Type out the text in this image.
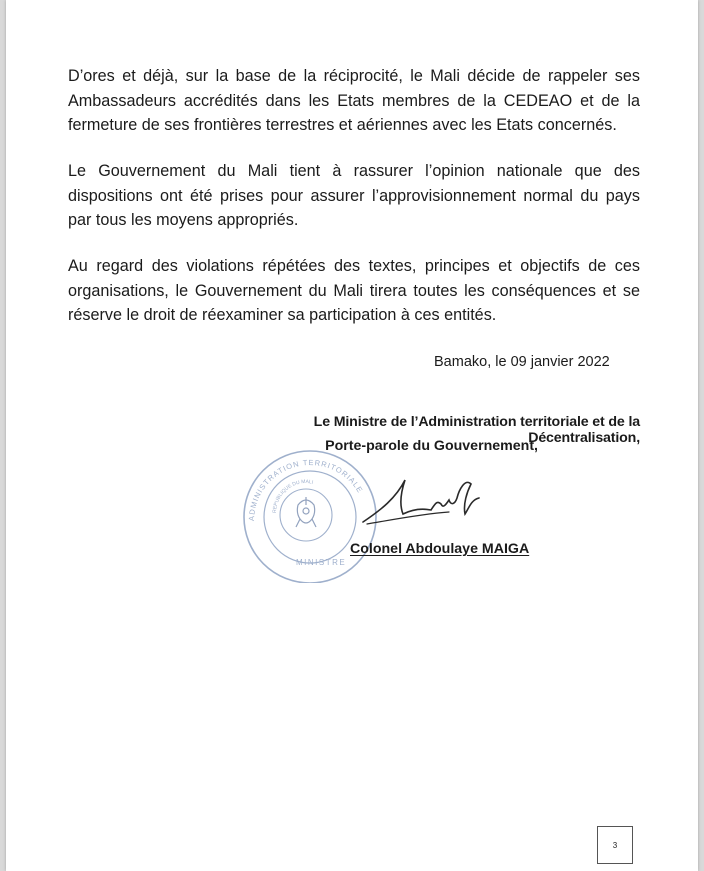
D’ores et déjà, sur la base de la réciprocité, le Mali décide de rappeler ses Ambassadeurs accrédités dans les Etats membres de la CEDEAO et de la fermeture de ses frontières terrestres et aériennes avec les Etats concernés.

Le Gouvernement du Mali tient à rassurer l’opinion nationale que des dispositions ont été prises pour assurer l’approvisionnement normal du pays par tous les moyens appropriés.

Au regard des violations répétées des textes, principes et objectifs de ces organisations, le Gouvernement du Mali tirera toutes les conséquences et se réserve le droit de réexaminer sa participation à ces entités.

Bamako, le 09 janvier 2022
Le Ministre de l’Administration territoriale et de la Décentralisation,
Porte-parole du Gouvernement,
ADMINISTRATION TERRITORIALE
REPUBLIQUE DU MALI
MINISTRE
Colonel Abdoulaye MAIGA
3
